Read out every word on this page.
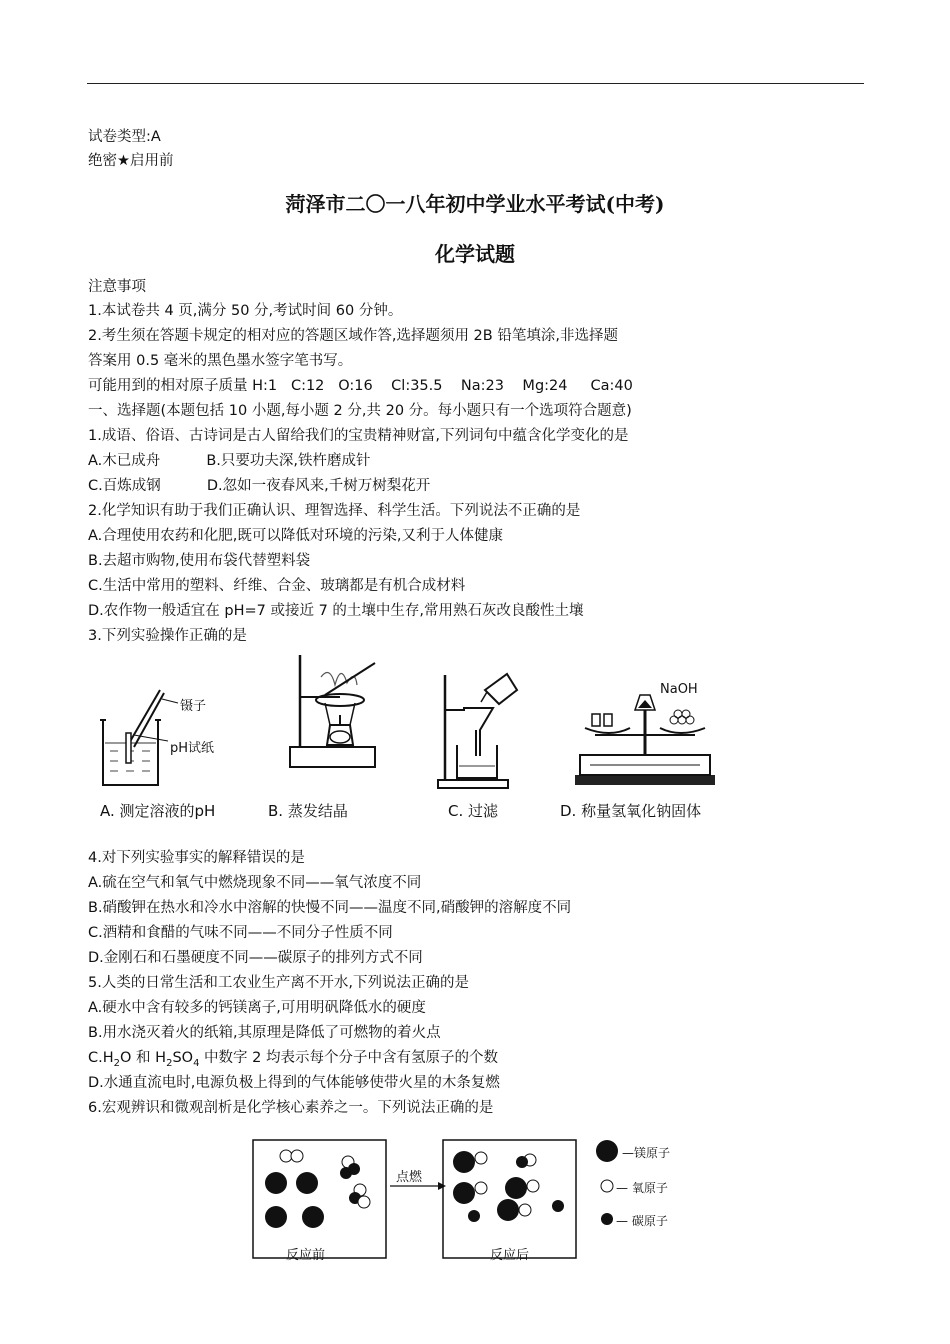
试卷类型:A
绝密★启用前
菏泽市二〇一八年初中学业水平考试(中考)
化学试题
注意事项
1.本试卷共 4 页,满分 50 分,考试时间 60 分钟。
2.考生须在答题卡规定的相对应的答题区域作答,选择题须用 2B 铅笔填涂,非选择题
答案用 0.5 毫米的黑色墨水签字笔书写。
可能用到的相对原子质量 H:1   C:12   O:16    Cl:35.5    Na:23    Mg:24     Ca:40
一、选择题(本题包括 10 小题,每小题 2 分,共 20 分。每小题只有一个选项符合题意)
1.成语、俗语、古诗词是古人留给我们的宝贵精神财富,下列词句中蕴含化学变化的是
A.木已成舟          B.只要功夫深,铁杵磨成针
C.百炼成钢          D.忽如一夜春风来,千树万树梨花开
2.化学知识有助于我们正确认识、理智选择、科学生活。下列说法不正确的是
A.合理使用农药和化肥,既可以降低对环境的污染,又利于人体健康
B.去超市购物,使用布袋代替塑料袋
C.生活中常用的塑料、纤维、合金、玻璃都是有机合成材料
D.农作物一般适宜在 pH=7 或接近 7 的土壤中生存,常用熟石灰改良酸性土壤
3.下列实验操作正确的是
镊子
pH试纸
NaOH
A. 测定溶液的pH	B. 蒸发结晶	C. 过滤	D. 称量氢氧化钠固体
4.对下列实验事实的解释错误的是
A.硫在空气和氧气中燃烧现象不同——氧气浓度不同
B.硝酸钾在热水和冷水中溶解的快慢不同——温度不同,硝酸钾的溶解度不同
C.酒精和食醋的气味不同——不同分子性质不同
D.金刚石和石墨硬度不同——碳原子的排列方式不同
5.人类的日常生活和工农业生产离不开水,下列说法正确的是
A.硬水中含有较多的钙镁离子,可用明矾降低水的硬度
B.用水浇灭着火的纸箱,其原理是降低了可燃物的着火点
$C.H_2O$ 和 $H_2SO_4$ 中数字 2 均表示每个分子中含有氢原子的个数
D.水通直流电时,电源负极上得到的气体能够使带火星的木条复燃
6.宏观辨识和微观剖析是化学核心素养之一。下列说法正确的是
点燃
反应前	反应后
—镁原子
— 氧原子
— 碳原子
